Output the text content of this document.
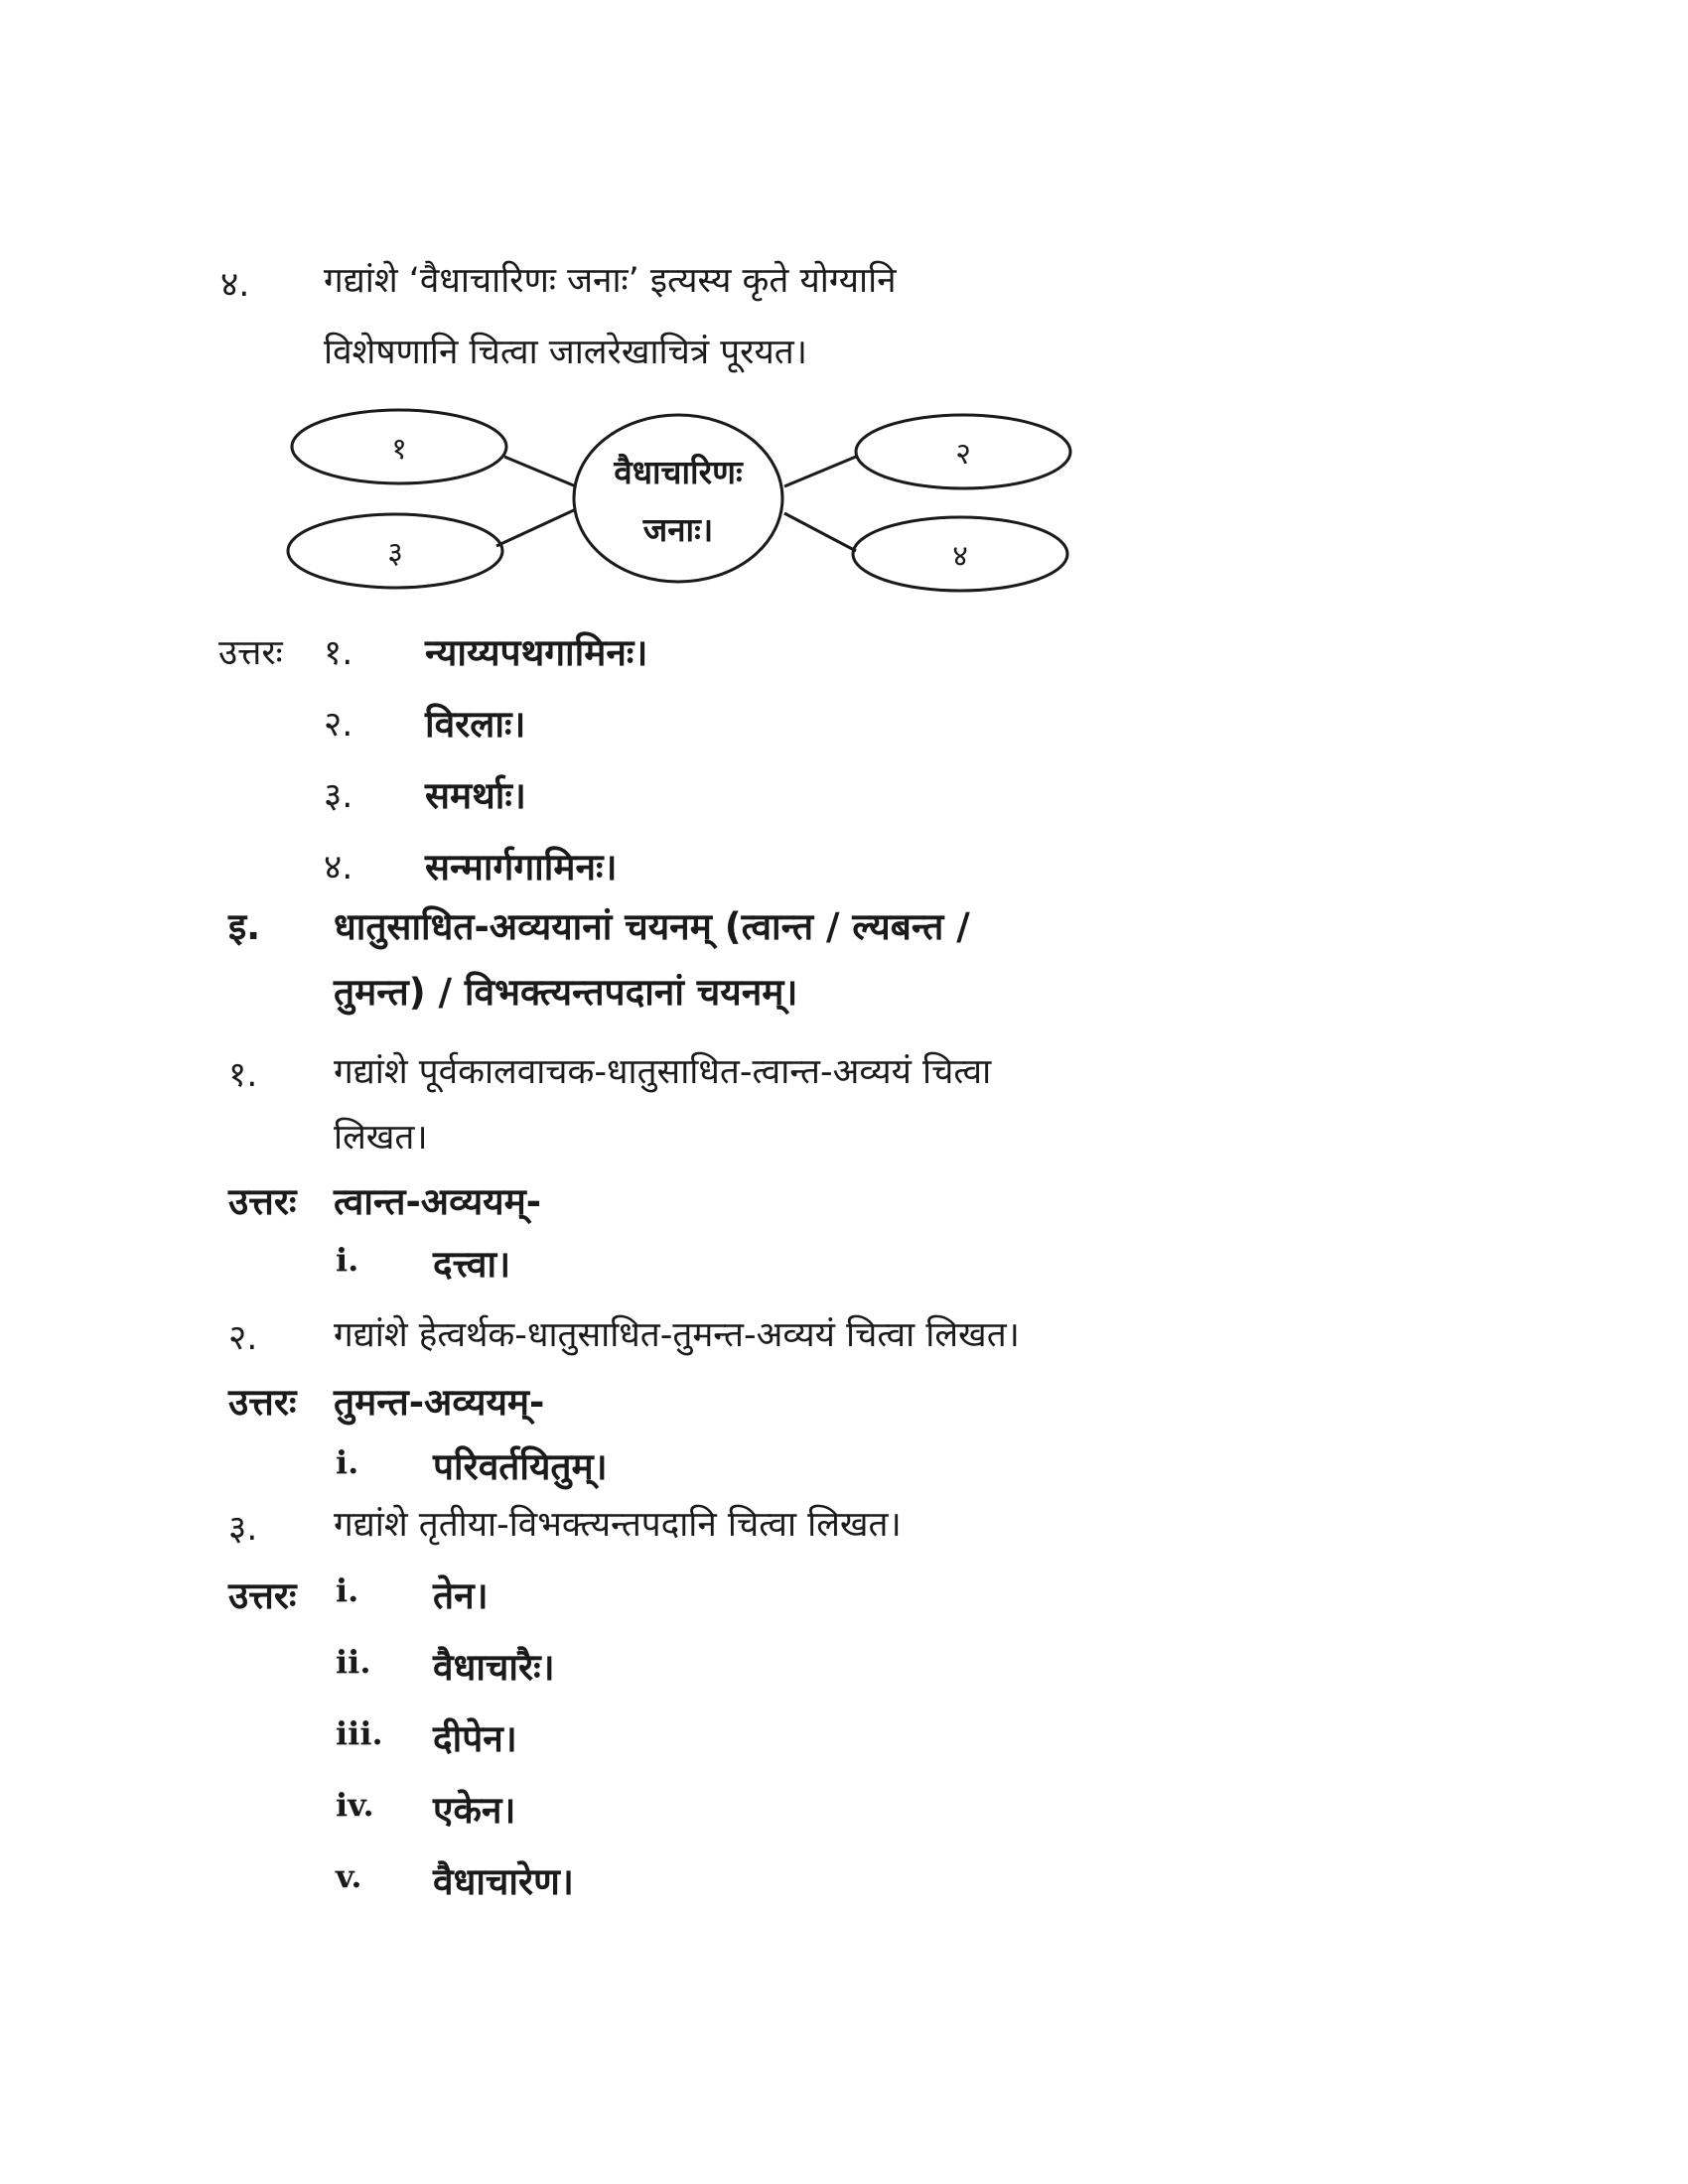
४. गद्यांशे ‘वैधाचारिणः जनाः’ इत्यस्य कृते योग्यानि
विशेषणानि चित्वा जालरेखाचित्रं पूरयत।
वैधाचारिणः
जनाः।
१	२
३	४
उत्तरः १. न्याय्यपथगामिनः।
२. विरलाः।
३. समर्थाः।
४. सन्मार्गगामिनः।
इ. धातुसाधित-अव्ययानां चयनम् (त्वान्त / ल्यबन्त /
तुमन्त) / विभक्त्यन्तपदानां चयनम्।
१. गद्यांशे पूर्वकालवाचक-धातुसाधित-त्वान्त-अव्ययं चित्वा
लिखत।
उत्तरः त्वान्त-अव्ययम्-
i. दत्त्वा।
२. गद्यांशे हेत्वर्थक-धातुसाधित-तुमन्त-अव्ययं चित्वा लिखत।
उत्तरः तुमन्त-अव्ययम्-
i. परिवर्तयितुम्।
३. गद्यांशे तृतीया-विभक्त्यन्तपदानि चित्वा लिखत।
उत्तरः i. तेन।
ii. वैधाचारैः।
iii. दीपेन।
iv. एकेन।
v. वैधाचारेण।
